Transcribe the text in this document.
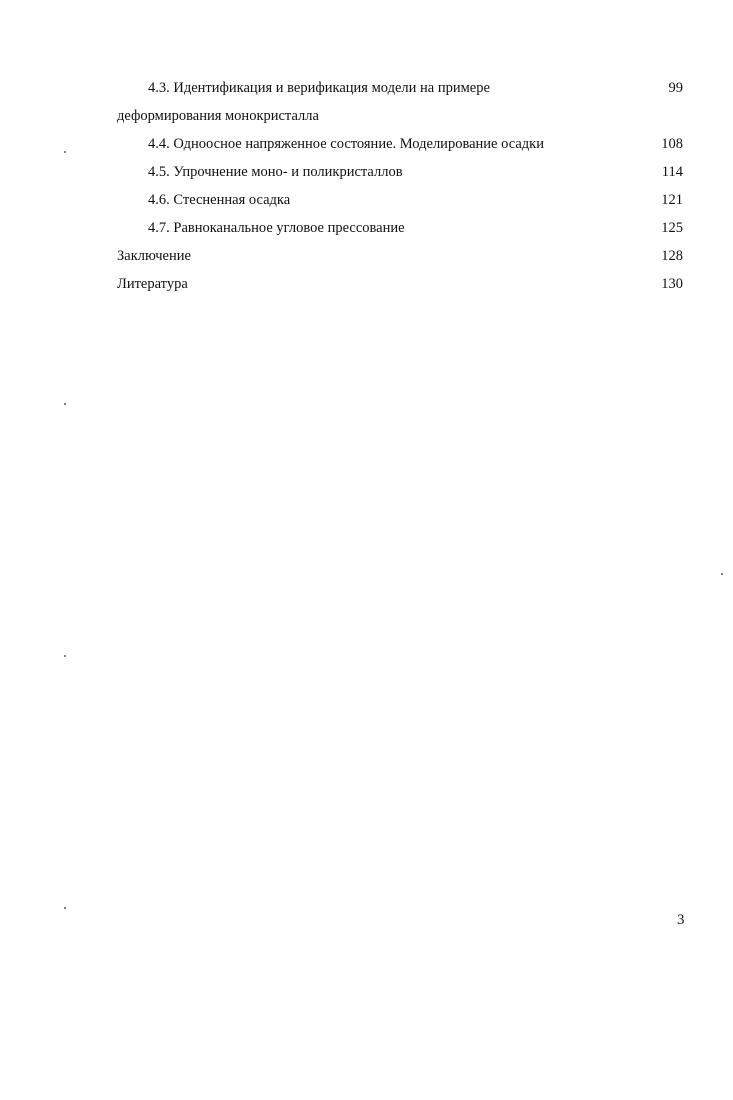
4.3. Идентификация и верификация модели на примере	99
деформирования монокристалла
4.4. Одноосное напряженное состояние. Моделирование осадки	108
4.5. Упрочнение моно- и поликристаллов	114
4.6. Стесненная осадка	121
4.7. Равноканальное угловое прессование	125
Заключение	128
Литература	130
3
